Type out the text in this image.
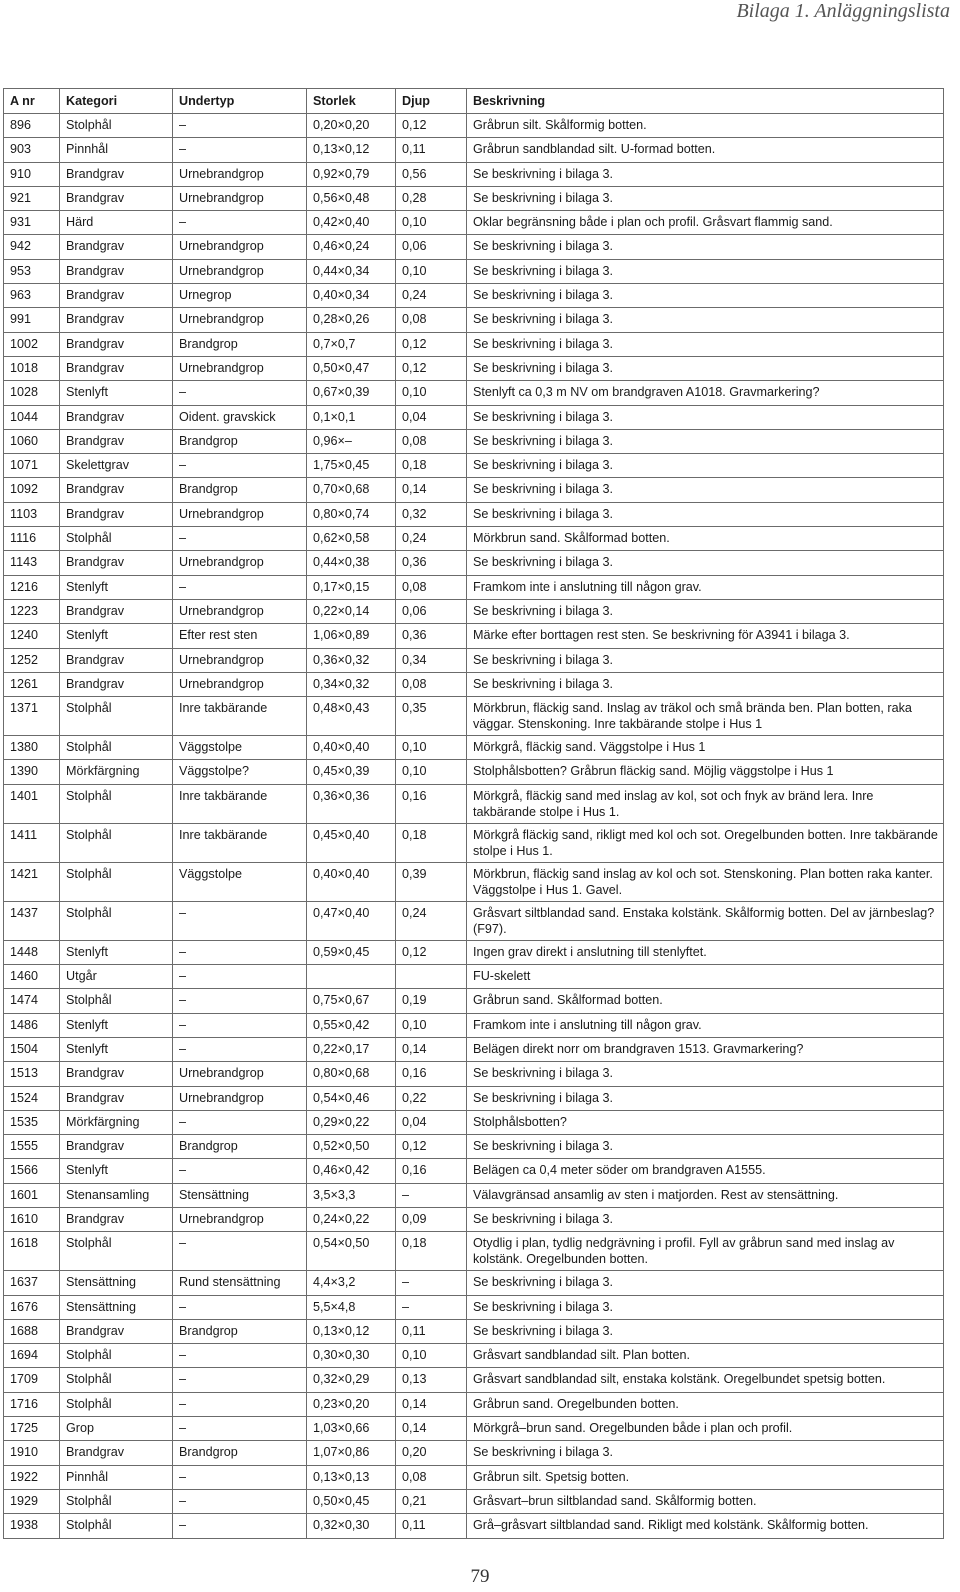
Bilaga 1. Anläggningslista
A nr	Kategori	Undertyp	Storlek	Djup	Beskrivning
896	Stolphål	–	0,20×0,20	0,12	Gråbrun silt. Skålformig botten.
903	Pinnhål	–	0,13×0,12	0,11	Gråbrun sandblandad silt. U-formad botten.
910	Brandgrav	Urnebrandgrop	0,92×0,79	0,56	Se beskrivning i bilaga 3.
921	Brandgrav	Urnebrandgrop	0,56×0,48	0,28	Se beskrivning i bilaga 3.
931	Härd	–	0,42×0,40	0,10	Oklar begränsning både i plan och profil. Gråsvart flammig sand.
942	Brandgrav	Urnebrandgrop	0,46×0,24	0,06	Se beskrivning i bilaga 3.
953	Brandgrav	Urnebrandgrop	0,44×0,34	0,10	Se beskrivning i bilaga 3.
963	Brandgrav	Urnegrop	0,40×0,34	0,24	Se beskrivning i bilaga 3.
991	Brandgrav	Urnebrandgrop	0,28×0,26	0,08	Se beskrivning i bilaga 3.
1002	Brandgrav	Brandgrop	0,7×0,7	0,12	Se beskrivning i bilaga 3.
1018	Brandgrav	Urnebrandgrop	0,50×0,47	0,12	Se beskrivning i bilaga 3.
1028	Stenlyft	–	0,67×0,39	0,10	Stenlyft ca 0,3 m NV om brandgraven A1018. Gravmarkering?
1044	Brandgrav	Oident. gravskick	0,1×0,1	0,04	Se beskrivning i bilaga 3.
1060	Brandgrav	Brandgrop	0,96×–	0,08	Se beskrivning i bilaga 3.
1071	Skelettgrav	–	1,75×0,45	0,18	Se beskrivning i bilaga 3.
1092	Brandgrav	Brandgrop	0,70×0,68	0,14	Se beskrivning i bilaga 3.
1103	Brandgrav	Urnebrandgrop	0,80×0,74	0,32	Se beskrivning i bilaga 3.
1116	Stolphål	–	0,62×0,58	0,24	Mörkbrun sand. Skålformad botten.
1143	Brandgrav	Urnebrandgrop	0,44×0,38	0,36	Se beskrivning i bilaga 3.
1216	Stenlyft	–	0,17×0,15	0,08	Framkom inte i anslutning till någon grav.
1223	Brandgrav	Urnebrandgrop	0,22×0,14	0,06	Se beskrivning i bilaga 3.
1240	Stenlyft	Efter rest sten	1,06×0,89	0,36	Märke efter borttagen rest sten. Se beskrivning för A3941 i bilaga 3.
1252	Brandgrav	Urnebrandgrop	0,36×0,32	0,34	Se beskrivning i bilaga 3.
1261	Brandgrav	Urnebrandgrop	0,34×0,32	0,08	Se beskrivning i bilaga 3.
1371	Stolphål	Inre takbärande	0,48×0,43	0,35	Mörkbrun, fläckig sand. Inslag av träkol och små brända ben. Plan botten, raka väggar. Stenskoning. Inre takbärande stolpe i Hus 1
1380	Stolphål	Väggstolpe	0,40×0,40	0,10	Mörkgrå, fläckig sand. Väggstolpe i Hus 1
1390	Mörkfärgning	Väggstolpe?	0,45×0,39	0,10	Stolphålsbotten? Gråbrun fläckig sand. Möjlig väggstolpe i Hus 1
1401	Stolphål	Inre takbärande	0,36×0,36	0,16	Mörkgrå, fläckig sand med inslag av kol, sot och fnyk av bränd lera. Inre takbärande stolpe i Hus 1.
1411	Stolphål	Inre takbärande	0,45×0,40	0,18	Mörkgrå fläckig sand, rikligt med kol och sot. Oregelbunden botten. Inre takbärande stolpe i Hus 1.
1421	Stolphål	Väggstolpe	0,40×0,40	0,39	Mörkbrun, fläckig sand inslag av kol och sot. Stenskoning. Plan botten raka kanter. Väggstolpe i Hus 1. Gavel.
1437	Stolphål	–	0,47×0,40	0,24	Gråsvart siltblandad sand. Enstaka kolstänk. Skålformig botten. Del av järnbeslag? (F97).
1448	Stenlyft	–	0,59×0,45	0,12	Ingen grav direkt i anslutning till stenlyftet.
1460	Utgår	–			FU-skelett
1474	Stolphål	–	0,75×0,67	0,19	Gråbrun sand. Skålformad botten.
1486	Stenlyft	–	0,55×0,42	0,10	Framkom inte i anslutning till någon grav.
1504	Stenlyft	–	0,22×0,17	0,14	Belägen direkt norr om brandgraven 1513. Gravmarkering?
1513	Brandgrav	Urnebrandgrop	0,80×0,68	0,16	Se beskrivning i bilaga 3.
1524	Brandgrav	Urnebrandgrop	0,54×0,46	0,22	Se beskrivning i bilaga 3.
1535	Mörkfärgning	–	0,29×0,22	0,04	Stolphålsbotten?
1555	Brandgrav	Brandgrop	0,52×0,50	0,12	Se beskrivning i bilaga 3.
1566	Stenlyft	–	0,46×0,42	0,16	Belägen ca 0,4 meter söder om brandgraven A1555.
1601	Stenansamling	Stensättning	3,5×3,3	–	Välavgränsad ansamlig av sten i matjorden. Rest av stensättning.
1610	Brandgrav	Urnebrandgrop	0,24×0,22	0,09	Se beskrivning i bilaga 3.
1618	Stolphål	–	0,54×0,50	0,18	Otydlig i plan, tydlig nedgrävning i profil. Fyll av gråbrun sand med inslag av kolstänk. Oregelbunden botten.
1637	Stensättning	Rund stensättning	4,4×3,2	–	Se beskrivning i bilaga 3.
1676	Stensättning	–	5,5×4,8	–	Se beskrivning i bilaga 3.
1688	Brandgrav	Brandgrop	0,13×0,12	0,11	Se beskrivning i bilaga 3.
1694	Stolphål	–	0,30×0,30	0,10	Gråsvart sandblandad silt. Plan botten.
1709	Stolphål	–	0,32×0,29	0,13	Gråsvart sandblandad silt, enstaka kolstänk. Oregelbundet spetsig botten.
1716	Stolphål	–	0,23×0,20	0,14	Gråbrun sand. Oregelbunden botten.
1725	Grop	–	1,03×0,66	0,14	Mörkgrå–brun sand. Oregelbunden både i plan och profil.
1910	Brandgrav	Brandgrop	1,07×0,86	0,20	Se beskrivning i bilaga 3.
1922	Pinnhål	–	0,13×0,13	0,08	Gråbrun silt. Spetsig botten.
1929	Stolphål	–	0,50×0,45	0,21	Gråsvart–brun siltblandad sand. Skålformig botten.
1938	Stolphål	–	0,32×0,30	0,11	Grå–gråsvart siltblandad sand. Rikligt med kolstänk. Skålformig botten.
79
